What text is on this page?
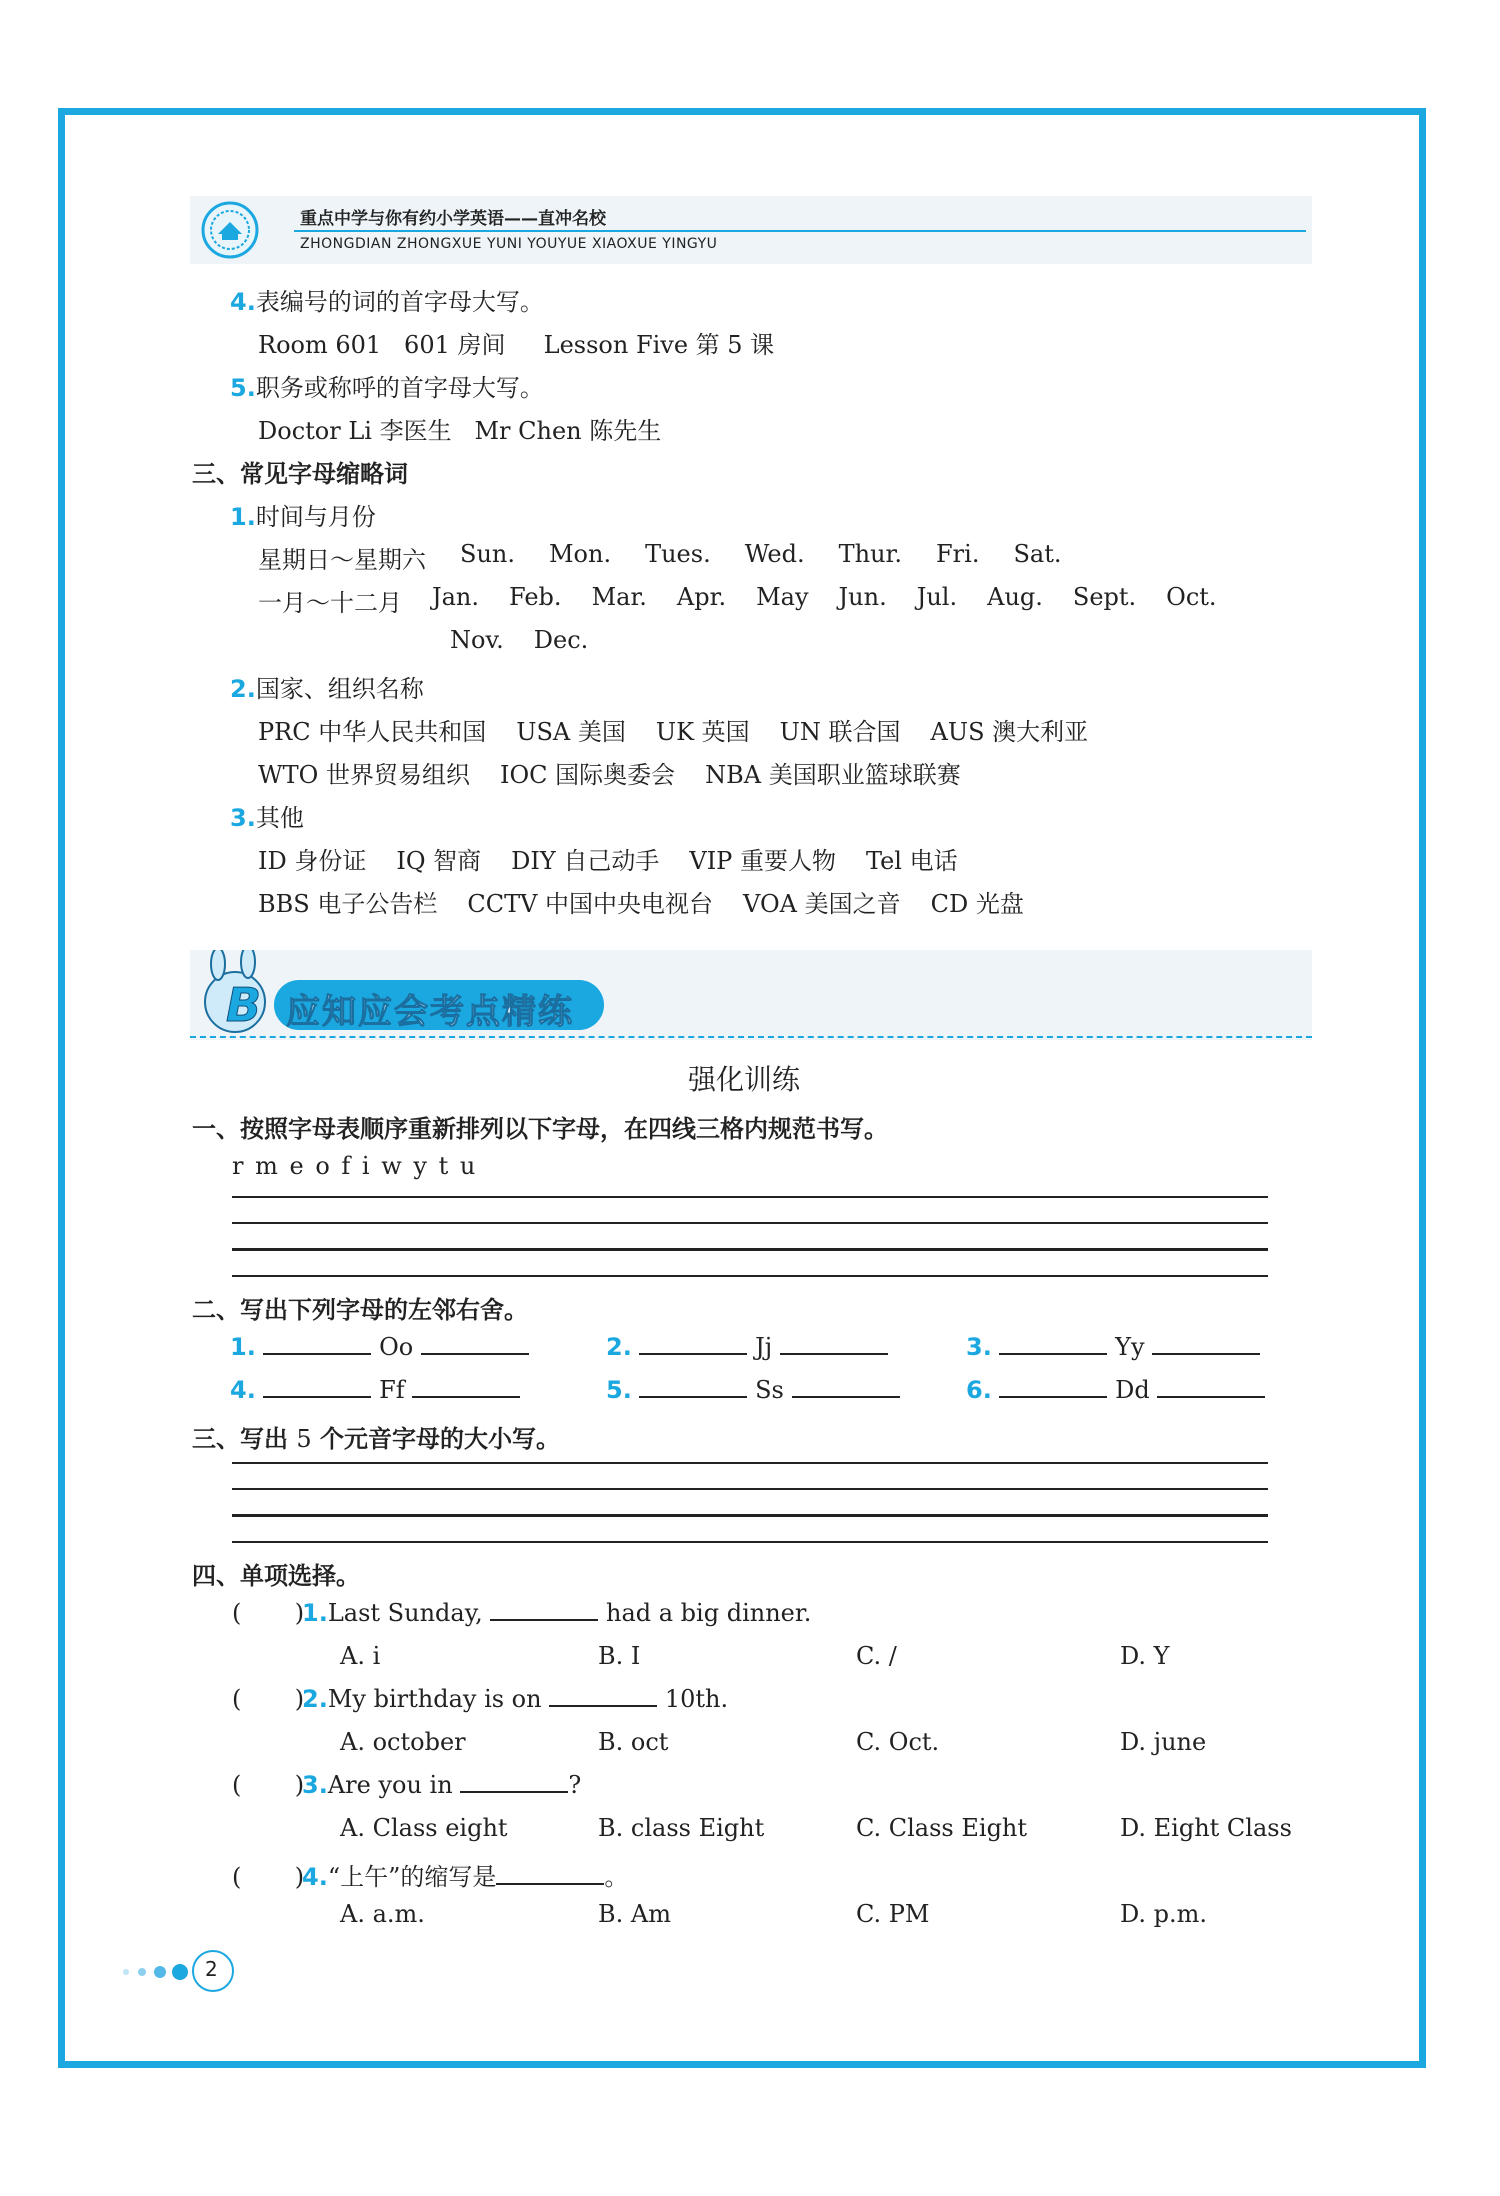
重点中学与你有约小学英语——直冲名校
ZHONGDIAN ZHONGXUE YUNI YOUYUE XIAOXUE YINGYU
4.表编号的词的首字母大写。
Room 601   601 房间     Lesson Five 第 5 课
5.职务或称呼的首字母大写。
Doctor Li 李医生   Mr Chen 陈先生
三、常见字母缩略词
1.时间与月份
星期日～星期六 Sun. Mon. Tues. Wed. Thur. Fri. Sat.
一月～十二月 Jan. Feb. Mar. Apr. May Jun. Jul. Aug. Sept. Oct.
Nov. Dec.
2.国家、组织名称
PRC 中华人民共和国 USA 美国 UK 英国 UN 联合国 AUS 澳大利亚
WTO 世界贸易组织 IOC 国际奥委会 NBA 美国职业篮球联赛
3.其他
ID 身份证 IQ 智商 DIY 自己动手 VIP 重要人物 Tel 电话
BBS 电子公告栏 CCTV 中国中央电视台 VOA 美国之音 CD 光盘
B 应知应会考点精练
强化训练
一、按照字母表顺序重新排列以下字母，在四线三格内规范书写。
r m e o f i w y t u
二、写出下列字母的左邻右舍。
1.	Oo	2.	Jj	3.	Yy
4.	Ff	5.	Ss	6.	Dd
三、写出 5 个元音字母的大小写。
四、单项选择。
(       )1.Last Sunday,	had a big dinner.
A. i	B. I	C. /	D. Y
(       )2.My birthday is on	10th.
A. october	B. oct	C. Oct.	D. june
(       )3.Are you in	?
A. Class eight	B. class Eight	C. Class Eight	D. Eight Class
(       )4.“上午”的缩写是	。
A. a.m.	B. Am	C. PM	D. p.m.
2
